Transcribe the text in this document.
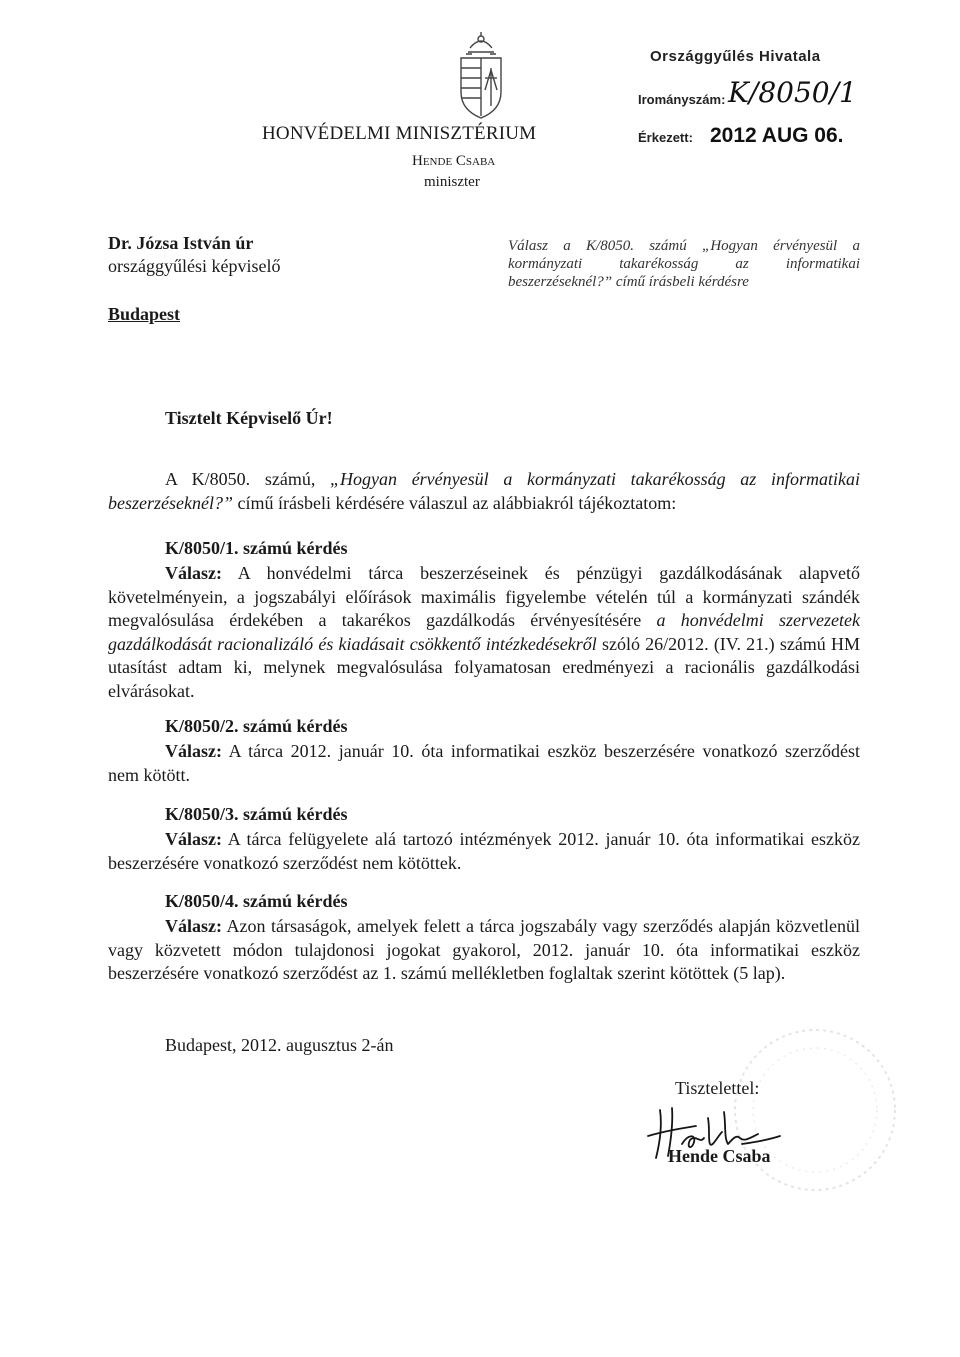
HONVÉDELMI MINISZTÉRIUM
Hende Csaba
miniszter
Országgyűlés Hivatala
Irományszám: K/8050/1
Érkezett: 2012 AUG 06.
Dr. Józsa István úr
országgyűlési képviselő
Budapest
Válasz a K/8050. számú „Hogyan érvényesül a kormányzati takarékosság az informatikai beszerzéseknél?” című írásbeli kérdésre
Tisztelt Képviselő Úr!
A K/8050. számú, „Hogyan érvényesül a kormányzati takarékosság az informatikai beszerzéseknél?” című írásbeli kérdésére válaszul az alábbiakról tájékoztatom:
K/8050/1. számú kérdés
Válasz: A honvédelmi tárca beszerzéseinek és pénzügyi gazdálkodásának alapvető követelményein, a jogszabályi előírások maximális figyelembe vételén túl a kormányzati szándék megvalósulása érdekében a takarékos gazdálkodás érvényesítésére a honvédelmi szervezetek gazdálkodását racionalizáló és kiadásait csökkentő intézkedésekről szóló 26/2012. (IV. 21.) számú HM utasítást adtam ki, melynek megvalósulása folyamatosan eredményezi a racionális gazdálkodási elvárásokat.
K/8050/2. számú kérdés
Válasz: A tárca 2012. január 10. óta informatikai eszköz beszerzésére vonatkozó szerződést nem kötött.
K/8050/3. számú kérdés
Válasz: A tárca felügyelete alá tartozó intézmények 2012. január 10. óta informatikai eszköz beszerzésére vonatkozó szerződést nem kötöttek.
K/8050/4. számú kérdés
Válasz: Azon társaságok, amelyek felett a tárca jogszabály vagy szerződés alapján közvetlenül vagy közvetett módon tulajdonosi jogokat gyakorol, 2012. január 10. óta informatikai eszköz beszerzésére vonatkozó szerződést az 1. számú mellékletben foglaltak szerint kötöttek (5 lap).
Budapest, 2012. augusztus 2-án
Tisztelettel:
Hende Csaba
